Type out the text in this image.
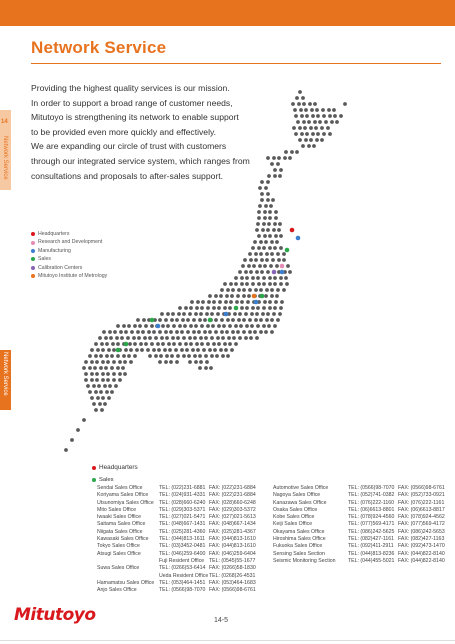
Network Service
14
Network Service
Network Service
Providing the highest quality services is our mission.
In order to support a broad range of customer needs,
Mitutoyo is strengthening its network to enable support
to be provided even more quickly and effectively.
We are expanding our circle of trust with customers
through our integrated service system, which ranges from
consultations and proposals to after-sales support.
Headquarters
Research and Development
Manufacturing
Sales
Calibration Centers
Mitutoyo Institute of Metrology
Headquarters
Sales
Sendai Sales Office	TEL: (022)231-6881 FAX: (022)231-6884
Koriyama Sales Office	TEL: (024)931-4331 FAX: (022)231-6884
Utsunomiya Sales Office	TEL: (028)660-6240 FAX: (028)660-6248
Mito Sales Office	TEL: (029)303-5371 FAX: (029)303-5372
Iwaaki Sales Office	TEL: (027)021-5471 FAX: (027)021-5613
Saitama Sales Office	TEL: (048)667-1431 FAX: (048)667-1434
Niigata Sales Office	TEL: (025)281-4360 FAX: (025)281-4367
Kawasaki Sales Office	TEL: (044)813-1611 FAX: (044)813-1610
Tokyo Sales Office	TEL: (03)3452-0481 FAX: (044)813-1610
Atsugi Sales Office	TEL: (046)259-6400 FAX: (046)259-6404
Fuji Resident Office TEL: (0545)55-1677
Suwa Sales Office	TEL: (0266)53-6414 FAX: (0266)58-1830
Ueda Resident Office TEL: (0268)26-4531
Hamamatsu Sales Office TEL: (053)464-1451 FAX: (053)464-1683
Anjo Sales Office	TEL: (0566)98-7070 FAX: (0566)98-6761
Automotive Sales Office	TEL: (0566)98-7070 FAX: (0566)98-6761
Nagoya Sales Office	TEL: (052)741-0382 FAX: (052)733-0921
Kanazawa Sales Office	TEL: (076)222-1160 FAX: (076)222-1161
Osaka Sales Office	TEL: (06)6613-8801 FAX: (06)6613-8817
Kobe Sales Office	TEL: (078)924-4560 FAX: (078)924-4562
Keiji Sales Office	TEL: (077)569-4171 FAX: (077)569-4172
Okayama Sales Office	TEL: (086)242-5625 FAX: (086)242-5653
Hiroshima Sales Office	TEL: (082)427-1161 FAX: (082)427-1163
Fukuoka Sales Office	TEL: (092)411-2911 FAX: (092)473-1470
Sensing Sales Section	TEL: (044)813-8236 FAX: (044)822-8140
Seismic Monitoring Section	TEL: (044)455-5021 FAX: (044)822-8140
Mitutoyo	14-5
